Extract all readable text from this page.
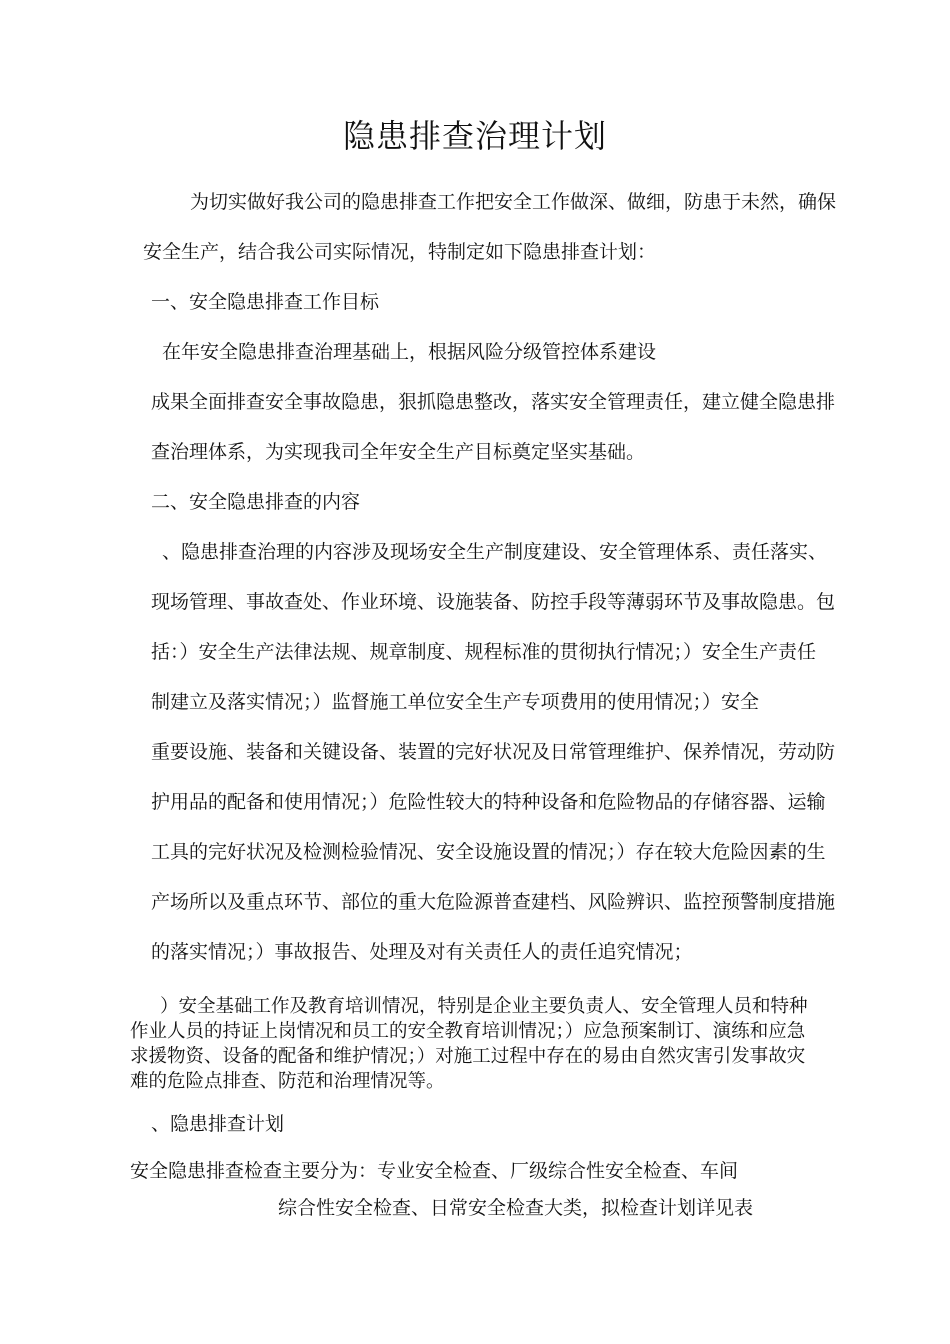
隐患排查治理计划
为切实做好我公司的隐患排查工作把安全工作做深、做细，防患于未然，确保
安全生产，结合我公司实际情况，特制定如下隐患排查计划：
一、安全隐患排查工作目标
在年安全隐患排查治理基础上，根据风险分级管控体系建设
成果全面排查安全事故隐患，狠抓隐患整改，落实安全管理责任，建立健全隐患排
查治理体系，为实现我司全年安全生产目标奠定坚实基础。
二、安全隐患排查的内容
、隐患排查治理的内容涉及现场安全生产制度建设、安全管理体系、责任落实、
现场管理、事故查处、作业环境、设施装备、防控手段等薄弱环节及事故隐患。包
括：）安全生产法律法规、规章制度、规程标准的贯彻执行情况；）安全生产责任
制建立及落实情况；）监督施工单位安全生产专项费用的使用情况；）安全
重要设施、装备和关键设备、装置的完好状况及日常管理维护、保养情况，劳动防
护用品的配备和使用情况；）危险性较大的特种设备和危险物品的存储容器、运输
工具的完好状况及检测检验情况、安全设施设置的情况；）存在较大危险因素的生
产场所以及重点环节、部位的重大危险源普查建档、风险辨识、监控预警制度措施
的落实情况；）事故报告、处理及对有关责任人的责任追究情况；
）安全基础工作及教育培训情况，特别是企业主要负责人、安全管理人员和特种
作业人员的持证上岗情况和员工的安全教育培训情况；）应急预案制订、演练和应急
求援物资、设备的配备和维护情况；）对施工过程中存在的易由自然灾害引发事故灾
难的危险点排查、防范和治理情况等。
、隐患排查计划
安全隐患排查检查主要分为：专业安全检查、厂级综合性安全检查、车间
综合性安全检查、日常安全检查大类，拟检查计划详见表
